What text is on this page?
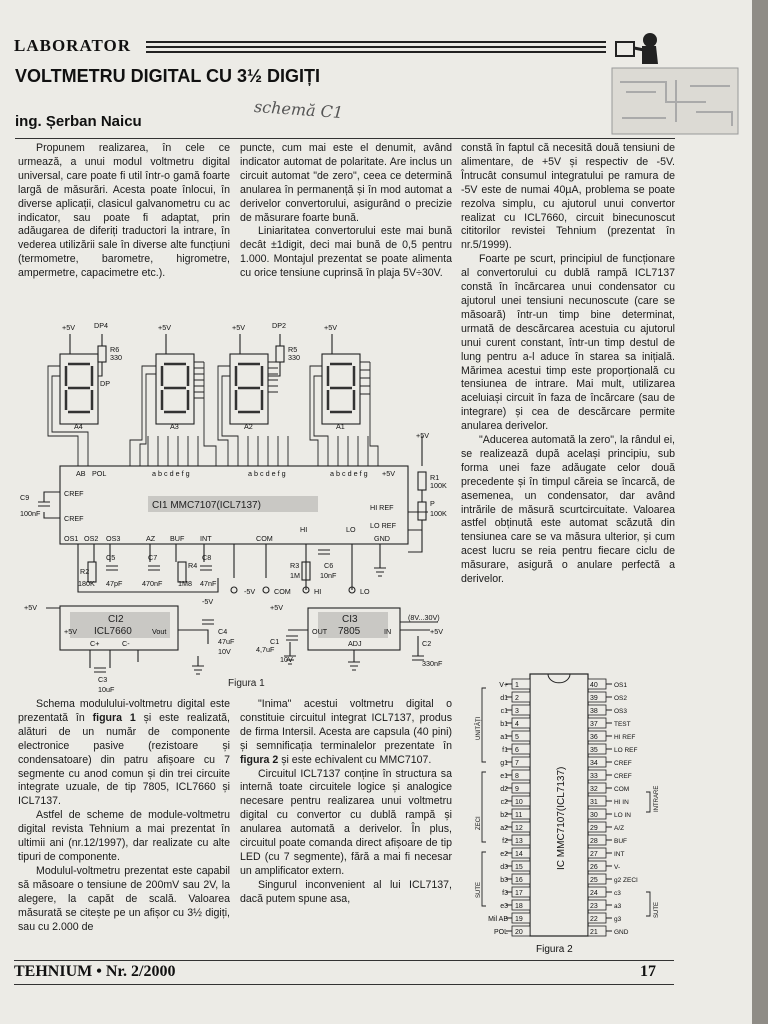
LABORATOR
VOLTMETRU DIGITAL CU 3½ DIGIȚI
ing. Șerban Naicu	schemă C1

Propunem realizarea, în cele ce urmează, a unui modul voltmetru digital universal, care poate fi util într-o gamă foarte largă de măsurări. Acesta poate înlocui, în diverse aplicații, clasicul galvanometru cu ac indicator, sau poate fi adaptat, prin adăugarea de diferiți traductori la intrare, în vederea utilizării sale în diverse alte funcțiuni (termometre, barometre, higrometre, ampermetre, capacimetre etc.).

puncte, cum mai este el denumit, având indicator automat de polaritate. Are inclus un circuit automat "de zero", ceea ce determină anularea în permanență și în mod automat a derivelor convertorului, asigurând o precizie de măsurare foarte bună.

Liniaritatea convertorului este mai bună decât ±1digit, deci mai bună de 0,5 pentru 1.000. Montajul prezentat se poate alimenta cu orice tensiune cuprinsă în plaja 5V÷30V.

constă în faptul că necesită două tensiuni de alimentare, de +5V și respectiv de -5V. Întrucât consumul integratului pe ramura de -5V este de numai 40µA, problema se poate rezolva simplu, cu ajutorul unui convertor realizat cu ICL7660, circuit binecunoscut cititorilor revistei Tehnium (prezentat în nr.5/1999).

Foarte pe scurt, principiul de funcționare al convertorului cu dublă rampă ICL7137 constă în încărcarea unui condensator cu ajutorul unei tensiuni necunoscute (care se măsoară) într-un timp bine determinat, urmată de descărcarea acestuia cu ajutorul unui curent constant, într-un timp destul de lung pentru a-l aduce în starea sa inițială. Mărimea acestui timp este proporțională cu tensiunea de intrare. Mai mult, utilizarea aceluiași circuit în faza de încărcare (sau de integrare) și cea de descărcare permite anularea derivelor.

"Aducerea automată la zero", la rândul ei, se realizează după același principiu, sub forma unei faze adăugate celor două precedente și în timpul căreia se încarcă, de asemenea, un condensator, dar având intrările de măsură scurtcircuitate. Valoarea astfel obținută este automat scăzută din tensiunea care se va măsura ulterior, și cum acest lucru se reia pentru fiecare ciclu de măsurare, asigură o anulare perfectă a derivelor.

A4	A3	A2	A1
+5V	+5V	+5V	+5V
DP4	DP2
R6
330
R5
330
DP
AB POL	abcdefg	abcdefg	abcdefg +5V
CREF
CREF
C9
100nF
OS1 OS2 OS3	AZ BUF INT	COM
HI	LO
GND
HI REF
LO REF
+5V
R1
100K
P
100K
R2
180K
C5
47pF
C7
470nF
R4
1M8
C8
47nF
R3
1M
C6
10nF
-5V	COM	HI	LO
+5V
+5V	Vout
C+	C-
-5V
C4
47uF
10V
C3
10uF
+5V
C1
4,7uF
10V
OUT	IN
ADJ
(8V...30V)
+5V
C2
330nF
CI1 MMC7107(ICL7137)
CI2
ICL7660
CI3
7805
Figura 1

Schema modulului-voltmetru digital este prezentată în figura 1 și este realizată, alături de un număr de componente electronice pasive (rezistoare și condensatoare) din patru afișoare cu 7 segmente cu anod comun și din trei circuite integrate uzuale, de tip 7805, ICL7660 și ICL7137.

Astfel de scheme de module-voltmetru digital revista Tehnium a mai prezentat în ultimii ani (nr.12/1997), dar realizate cu alte tipuri de componente.

Modulul-voltmetru prezentat este capabil să măsoare o tensiune de 200mV sau 2V, la alegere, la capăt de scală. Valoarea măsurată se citește pe un afișor cu 3½ digiți, sau cu 2.000 de

"Inima" acestui voltmetru digital o constituie circuitul integrat ICL7137, produs de firma Intersil. Acesta are capsula (40 pini) și semnificația terminalelor prezentate în figura 2 și este echivalent cu MMC7107.

Circuitul ICL7137 conține în structura sa internă toate circuitele logice și analogice necesare pentru realizarea unui voltmetru digital cu convertor cu dublă rampă și anularea automată a derivelor. În plus, circuitul poate comanda direct afișoare de tip LED (cu 7 segmente), fără a mai fi necesar un amplificator extern.

Singurul inconvenient al lui ICL7137, dacă putem spune asa,

1
V+
2
d1
3
c1
4
b1
5
a1
6
f1
7
g1
8
e1
9
d2
10
c2
11
b2
12
a2
13
f2
14
e2
15
d3
16
b3
17
f3
18
e3
19
Mil AB
20
POL
40 OS1
39 OS2
38 OS3
37 TEST
36 HI REF
35 LO REF
34 CREF
33 CREF
32 COM
31 HI IN
30 LO IN
29 A/Z
28 BUF
27 INT
26 V-
25 g2 ZECI
24 c3
23 a3
22 g3
21 GND
IC MMC7107(ICL7137)
UNITĂȚI
ZECI
SUTE
INTRARE
SUTE
Figura 2
TEHNIUM • Nr. 2/2000	17
